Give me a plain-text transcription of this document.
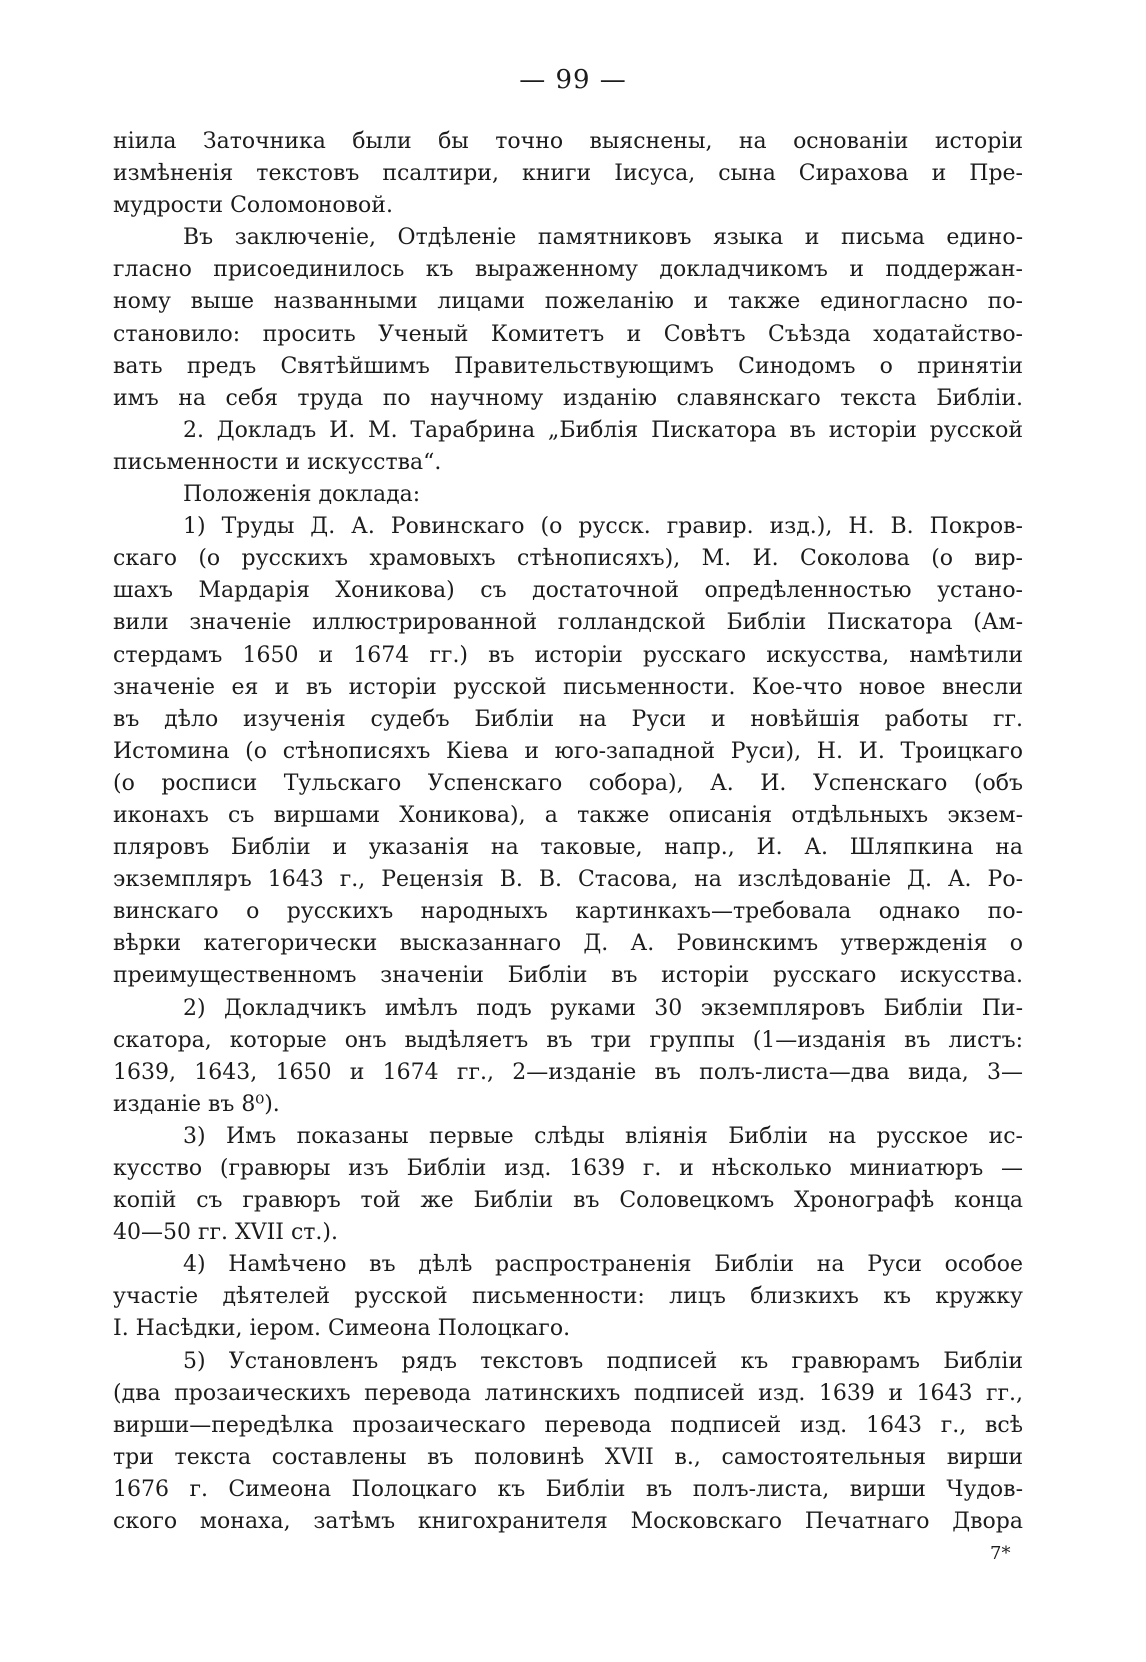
— 99 —
нiила Заточника были бы точно выяснены, на основанiи исторiи
измѣненiя текстовъ псалтири, книги Iисуса, сына Сирахова и Пре-
мудрости Соломоновой.
Въ заключенiе, Отдѣленiе памятниковъ языка и письма едино-
гласно присоединилось къ выраженному докладчикомъ и поддержан-
ному выше названными лицами пожеланiю и также единогласно по-
становило: просить Ученый Комитетъ и Совѣтъ Съѣзда ходатайство-
вать предъ Святѣйшимъ Правительствующимъ Синодомъ о принятiи
имъ на себя труда по научному изданiю славянскаго текста Библiи.
2. Докладъ И. М. Тарабрина „Библiя Пискатора въ исторiи русской
письменности и искусства“.
Положенiя доклада:
1) Труды Д. А. Ровинскаго (о русск. гравир. изд.), Н. В. Покров-
скаго (о русскихъ храмовыхъ стѣнописяхъ), М. И. Соколова (о вир-
шахъ Мардарiя Хоникова) съ достаточной опредѣленностью устано-
вили значенiе иллюстрированной голландской Библiи Пискатора (Ам-
стердамъ 1650 и 1674 гг.) въ исторiи русскаго искусства, намѣтили
значенiе ея и въ исторiи русской письменности. Кое-что новое внесли
въ дѣло изученiя судебъ Библiи на Руси и новѣйшiя работы гг.
Истомина (о стѣнописяхъ Кiева и юго-западной Руси), Н. И. Троицкаго
(о росписи Тульскаго Успенскаго собора), А. И. Успенскаго (объ
иконахъ съ виршами Хоникова), а также описанiя отдѣльныхъ экзем-
пляровъ Библiи и указанiя на таковые, напр., И. А. Шляпкина на
экземпляръ 1643 г., Рецензiя В. В. Стасова, на изслѣдованiе Д. А. Ро-
винскаго о русскихъ народныхъ картинкахъ—требовала однако по-
вѣрки категорически высказаннаго Д. А. Ровинскимъ утвержденiя о
преимущественномъ значенiи Библiи въ исторiи русскаго искусства.
2) Докладчикъ имѣлъ подъ руками 30 экземпляровъ Библiи Пи-
скатора, которые онъ выдѣляетъ въ три группы (1—изданiя въ листъ:
1639, 1643, 1650 и 1674 гг., 2—изданiе въ полъ-листа—два вида, 3—
изданiе въ 8⁰).
3) Имъ показаны первые слѣды влiянiя Библiи на русское ис-
кусство (гравюры изъ Библiи изд. 1639 г. и нѣсколько миниатюръ —
копiй съ гравюръ той же Библiи въ Соловецкомъ Хронографѣ конца
40—50 гг. XVII ст.).
4) Намѣчено въ дѣлѣ распространенiя Библiи на Руси особое
участiе дѣятелей русской письменности: лицъ близкихъ къ кружку
I. Насѣдки, iером. Симеона Полоцкаго.
5) Установленъ рядъ текстовъ подписей къ гравюрамъ Библiи
(два прозаическихъ перевода латинскихъ подписей изд. 1639 и 1643 гг.,
вирши—передѣлка прозаическаго перевода подписей изд. 1643 г., всѣ
три текста составлены въ половинѣ XVII в., самостоятельныя вирши
1676 г. Симеона Полоцкаго къ Библiи въ полъ-листа, вирши Чудов-
ского монаха, затѣмъ книгохранителя Московскаго Печатнаго Двора
7*
